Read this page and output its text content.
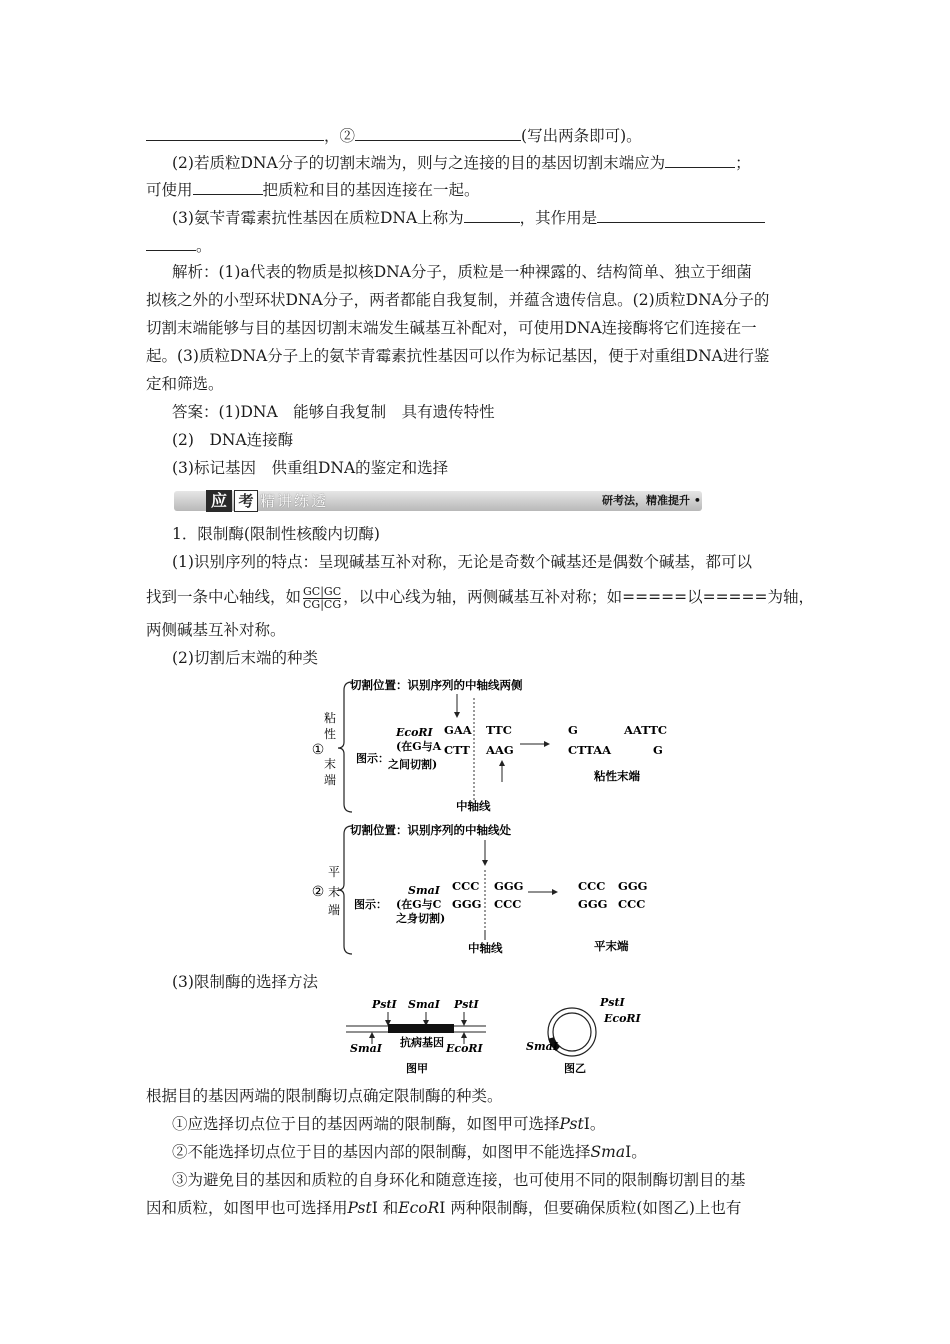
，②	(写出两条即可)。
(2)若质粒DNA分子的切割末端为，则与之连接的目的基因切割末端应为	；
可使用	把质粒和目的基因连接在一起。
(3)氨苄青霉素抗性基因在质粒DNA上称为	，其作用是
。
解析：(1)a代表的物质是拟核DNA分子，质粒是一种裸露的、结构简单、独立于细菌
拟核之外的小型环状DNA分子，两者都能自我复制，并蕴含遗传信息。(2)质粒DNA分子的
切割末端能够与目的基因切割末端发生碱基互补配对，可使用DNA连接酶将它们连接在一
起。(3)质粒DNA分子上的氨苄青霉素抗性基因可以作为标记基因，便于对重组DNA进行鉴
定和筛选。
答案：(1)DNA　能够自我复制　具有遗传特性
(2)　DNA连接酶
(3)标记基因　供重组DNA的鉴定和选择
应 考 精讲练透	研考法，精准提升 •
1．限制酶(限制性核酸内切酶)
(1)识别序列的特点：呈现碱基互补对称，无论是奇数个碱基还是偶数个碱基，都可以
找到一条中心轴线，如 $\frac{GC|GC}{CG|CG}$ ，以中心线为轴，两侧碱基互补对称；如=====以=====为轴，
两侧碱基互补对称。
(2)切割后末端的种类
粘
性
末
端
①
切割位置：识别序列的中轴线两侧
EcoRⅠ
(在G与A
图示： 之间切割)
GAA
CTT
TTC
AAG
G
CTTAA
AATTC
G
粘性末端
中轴线
平
端
② 末
切割位置：识别序列的中轴线处
SmaⅠ
(在G与C
图示：
之身切割)
CCC
GGG
GGG
CCC
CCC
GGG
GGG
CCC
中轴线	平末端
(3)限制酶的选择方法
PstⅠ SmaⅠ PstⅠ
抗病基因
SmaⅠ	EcoRⅠ
图甲
PstⅠ
EcoRⅠ
SmaⅠ
图乙
根据目的基因两端的限制酶切点确定限制酶的种类。
①应选择切点位于目的基因两端的限制酶，如图甲可选择PstⅠ。
②不能选择切点位于目的基因内部的限制酶，如图甲不能选择SmaⅠ。
③为避免目的基因和质粒的自身环化和随意连接，也可使用不同的限制酶切割目的基
因和质粒，如图甲也可选择用PstⅠ 和EcoRⅠ 两种限制酶，但要确保质粒(如图乙)上也有
